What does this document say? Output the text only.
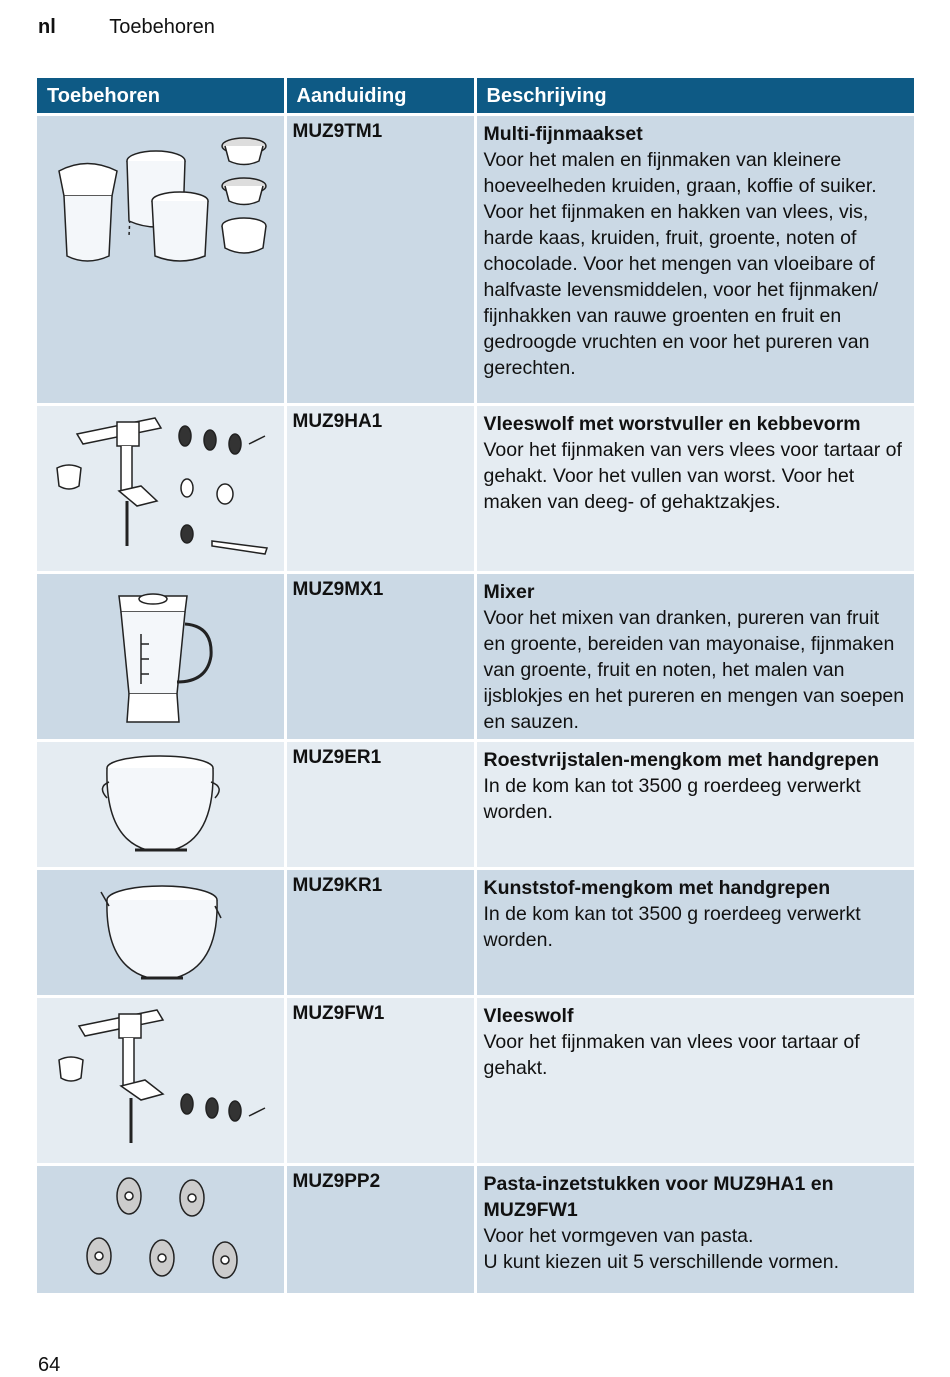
nl	Toebehoren
Toebehoren	Aanduiding	Beschrijving

MUZ9TM1	Multi-fijnmaakset
Voor het malen en fijnmaken van kleinere hoeveelheden kruiden, graan, koffie of suiker. Voor het fijnmaken en hakken van vlees, vis, harde kaas, kruiden, fruit, groente, noten of chocolade. Voor het mengen van vloeibare of halfvaste levensmiddelen, voor het fijnmaken/ fijnhakken van rauwe groenten en fruit en gedroogde vruchten en voor het pureren van gerechten.

MUZ9HA1	Vleeswolf met worstvuller en kebbevorm
Voor het fijnmaken van vers vlees voor tartaar of gehakt. Voor het vullen van worst. Voor het maken van deeg- of gehaktzakjes.

MUZ9MX1	Mixer
Voor het mixen van dranken, pureren van fruit en groente, bereiden van mayonaise, fijnmaken van groente, fruit en noten, het malen van ijsblokjes en het pureren en mengen van soepen en sauzen.

MUZ9ER1	Roestvrijstalen-mengkom met handgrepen
In de kom kan tot 3500 g roerdeeg verwerkt worden.

MUZ9KR1	Kunststof-mengkom met handgrepen
In de kom kan tot 3500 g roerdeeg verwerkt worden.

MUZ9FW1	Vleeswolf
Voor het fijnmaken van vlees voor tartaar of gehakt.

MUZ9PP2	Pasta-inzetstukken voor MUZ9HA1 en MUZ9FW1
Voor het vormgeven van pasta.
U kunt kiezen uit 5 verschillende vormen.
64
